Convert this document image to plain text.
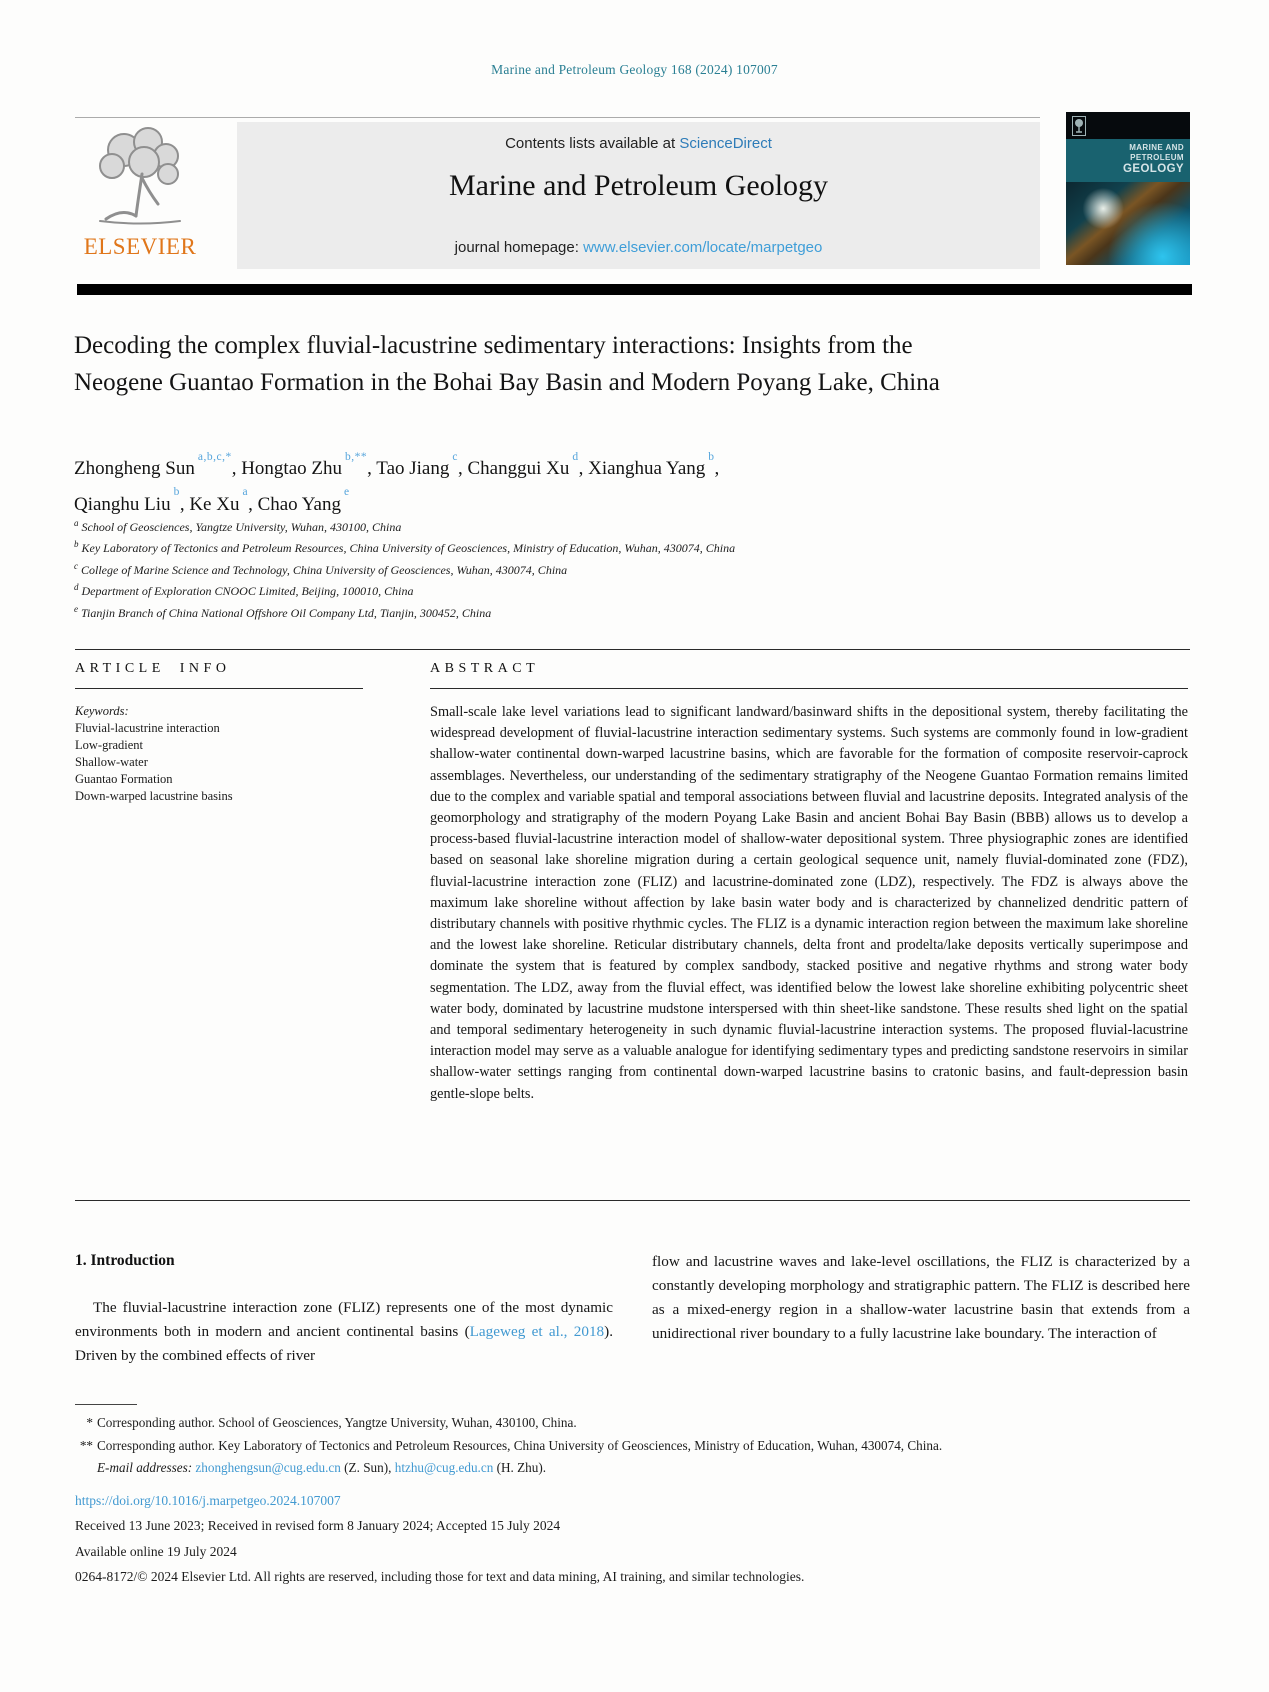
Marine and Petroleum Geology 168 (2024) 107007
ELSEVIER
Contents lists available at ScienceDirect
Marine and Petroleum Geology
journal homepage: www.elsevier.com/locate/marpetgeo
MARINE AND
PETROLEUM
GEOLOGY
Decoding the complex fluvial-lacustrine sedimentary interactions: Insights from the Neogene Guantao Formation in the Bohai Bay Basin and Modern Poyang Lake, China
Zhongheng Sun$^{a,b,c,*}$, Hongtao Zhu$^{b,**}$, Tao Jiang$^c$, Changgui Xu$^d$, Xianghua Yang$^b$,
Qianghu Liu$^b$, Ke Xu$^a$, Chao Yang$^e$
$^a$ School of Geosciences, Yangtze University, Wuhan, 430100, China
$^b$ Key Laboratory of Tectonics and Petroleum Resources, China University of Geosciences, Ministry of Education, Wuhan, 430074, China
$^c$ College of Marine Science and Technology, China University of Geosciences, Wuhan, 430074, China
$^d$ Department of Exploration CNOOC Limited, Beijing, 100010, China
$^e$ Tianjin Branch of China National Offshore Oil Company Ltd, Tianjin, 300452, China
ARTICLE INFO
Keywords:
Fluvial-lacustrine interaction
Low-gradient
Shallow-water
Guantao Formation
Down-warped lacustrine basins
ABSTRACT

Small-scale lake level variations lead to significant landward/basinward shifts in the depositional system, thereby facilitating the widespread development of fluvial-lacustrine interaction sedimentary systems. Such systems are commonly found in low-gradient shallow-water continental down-warped lacustrine basins, which are favorable for the formation of composite reservoir-caprock assemblages. Nevertheless, our understanding of the sedimentary stratigraphy of the Neogene Guantao Formation remains limited due to the complex and variable spatial and temporal associations between fluvial and lacustrine deposits. Integrated analysis of the geomorphology and stratigraphy of the modern Poyang Lake Basin and ancient Bohai Bay Basin (BBB) allows us to develop a process-based fluvial-lacustrine interaction model of shallow-water depositional system. Three physiographic zones are identified based on seasonal lake shoreline migration during a certain geological sequence unit, namely fluvial-dominated zone (FDZ), fluvial-lacustrine interaction zone (FLIZ) and lacustrine-dominated zone (LDZ), respectively. The FDZ is always above the maximum lake shoreline without affection by lake basin water body and is characterized by channelized dendritic pattern of distributary channels with positive rhythmic cycles. The FLIZ is a dynamic interaction region between the maximum lake shoreline and the lowest lake shoreline. Reticular distributary channels, delta front and prodelta/lake deposits vertically superimpose and dominate the system that is featured by complex sandbody, stacked positive and negative rhythms and strong water body segmentation. The LDZ, away from the fluvial effect, was identified below the lowest lake shoreline exhibiting polycentric sheet water body, dominated by lacustrine mudstone interspersed with thin sheet-like sandstone. These results shed light on the spatial and temporal sedimentary heterogeneity in such dynamic fluvial-lacustrine interaction systems. The proposed fluvial-lacustrine interaction model may serve as a valuable analogue for identifying sedimentary types and predicting sandstone reservoirs in similar shallow-water settings ranging from continental down-warped lacustrine basins to cratonic basins, and fault-depression basin gentle-slope belts.

1. Introduction

The fluvial-lacustrine interaction zone (FLIZ) represents one of the most dynamic environments both in modern and ancient continental basins (Lageweg et al., 2018). Driven by the combined effects of river

flow and lacustrine waves and lake-level oscillations, the FLIZ is characterized by a constantly developing morphology and stratigraphic pattern. The FLIZ is described here as a mixed-energy region in a shallow-water lacustrine basin that extends from a unidirectional river boundary to a fully lacustrine lake boundary. The interaction of

* Corresponding author. School of Geosciences, Yangtze University, Wuhan, 430100, China.
** Corresponding author. Key Laboratory of Tectonics and Petroleum Resources, China University of Geosciences, Ministry of Education, Wuhan, 430074, China.
E-mail addresses: zhonghengsun@cug.edu.cn (Z. Sun), htzhu@cug.edu.cn (H. Zhu).
https://doi.org/10.1016/j.marpetgeo.2024.107007
Received 13 June 2023; Received in revised form 8 January 2024; Accepted 15 July 2024
Available online 19 July 2024
0264-8172/© 2024 Elsevier Ltd. All rights are reserved, including those for text and data mining, AI training, and similar technologies.
